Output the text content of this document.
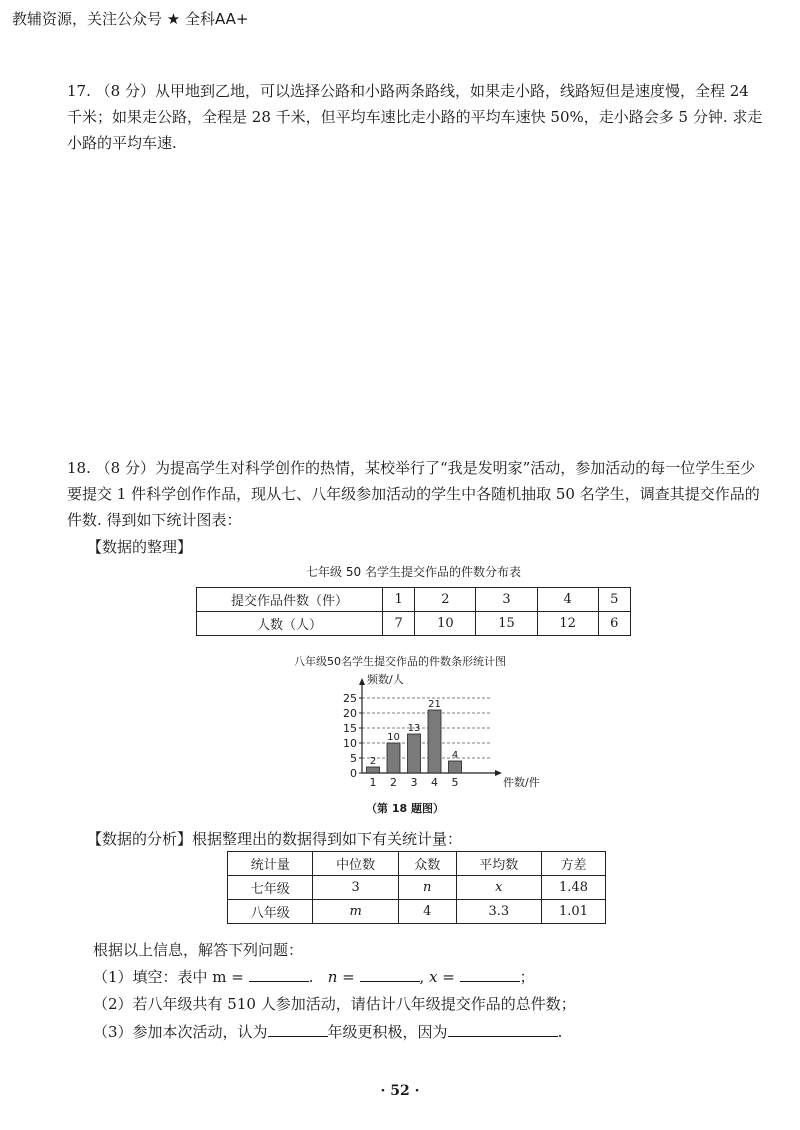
教辅资源，关注公众号 ★ 全科AA+
17. （8 分）从甲地到乙地，可以选择公路和小路两条路线，如果走小路，线路短但是速度慢，全程 24 千米；如果走公路，全程是 28 千米，但平均车速比走小路的平均车速快 50%，走小路会多 5 分钟. 求走小路的平均车速.
18. （8 分）为提高学生对科学创作的热情，某校举行了“我是发明家”活动，参加活动的每一位学生至少要提交 1 件科学创作作品，现从七、八年级参加活动的学生中各随机抽取 50 名学生，调查其提交作品的件数. 得到如下统计图表：
【数据的整理】
七年级 50 名学生提交作品的件数分布表
提交作品件数（件）	1	2	3	4	5
人数（人）	7	10	15	12	6
八年级50名学生提交作品的件数条形统计图
0
5
10
15
20
25
频数/人
件数/件
2
1
10
2
13
3
21
4
4
5
（第 18 题图）
【数据的分析】根据整理出的数据得到如下有关统计量：
统计量	中位数	众数	平均数	方差
七年级	3	n	x	1.48
八年级	m	4	3.3	1.01
根据以上信息，解答下列问题：
（1）填空：表中 m =	. n =	, x =	；
（2）若八年级共有 510 人参加活动，请估计八年级提交作品的总件数；
（3）参加本次活动，认为	年级更积极，因为	.
· 52 ·
